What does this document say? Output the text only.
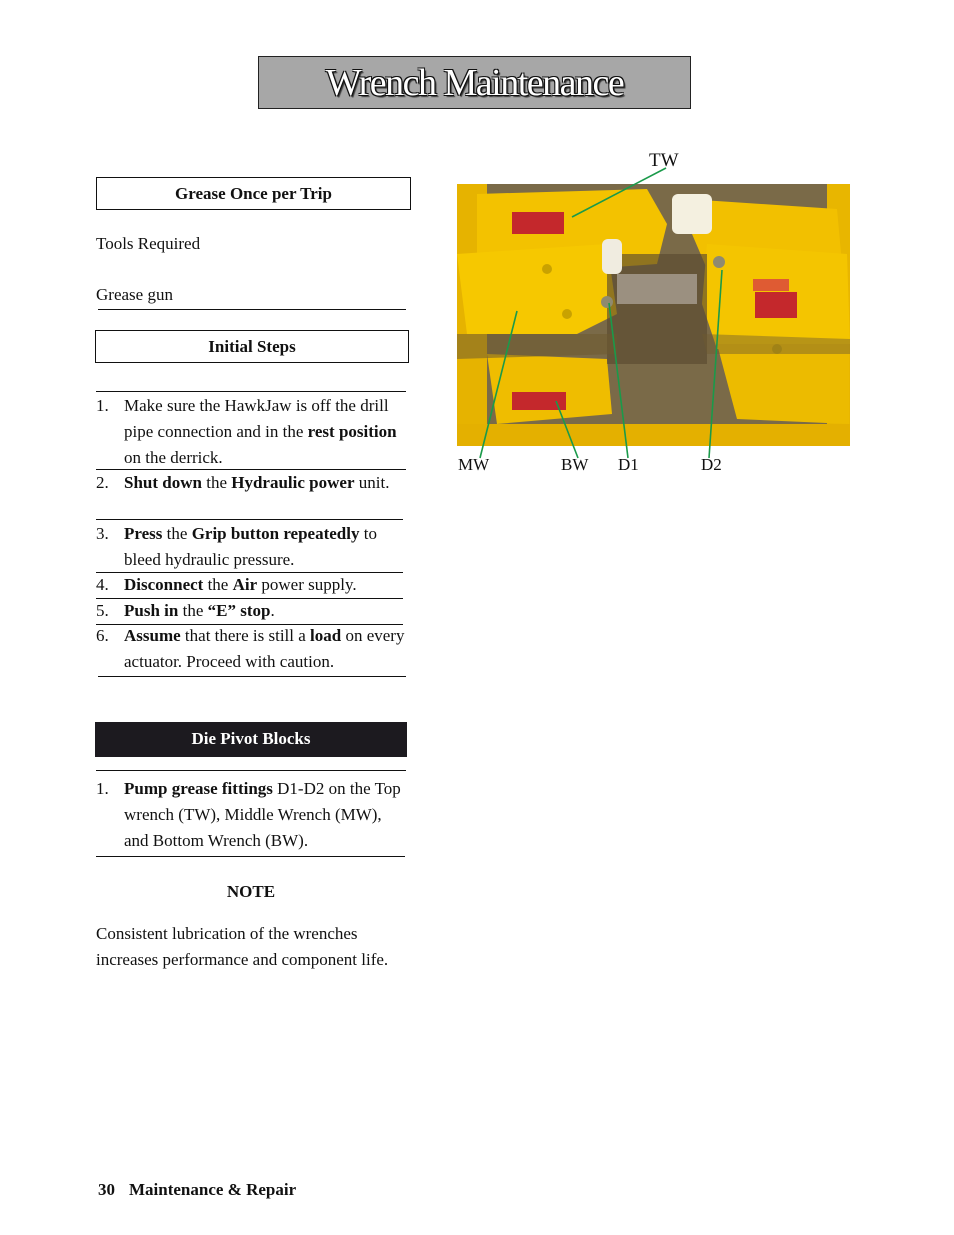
Wrench Maintenance
Grease Once per Trip
Tools Required
Grease gun
Initial Steps
1. Make sure the HawkJaw is off the drill pipe connection and in the rest position on the derrick.
2. Shut down the Hydraulic power unit.
3. Press the Grip button repeatedly to bleed hydraulic pressure.
4. Disconnect the Air power supply.
5. Push in the “E” stop.
6. Assume that there is still a load on every actuator. Proceed with caution.
Die Pivot Blocks
1. Pump grease fittings D1-D2 on the Top wrench (TW), Middle Wrench (MW), and Bottom Wrench (BW).
NOTE
Consistent lubrication of the wrenches increases performance and component life.
TW
MW	BW D1	D2
30 Maintenance & Repair
